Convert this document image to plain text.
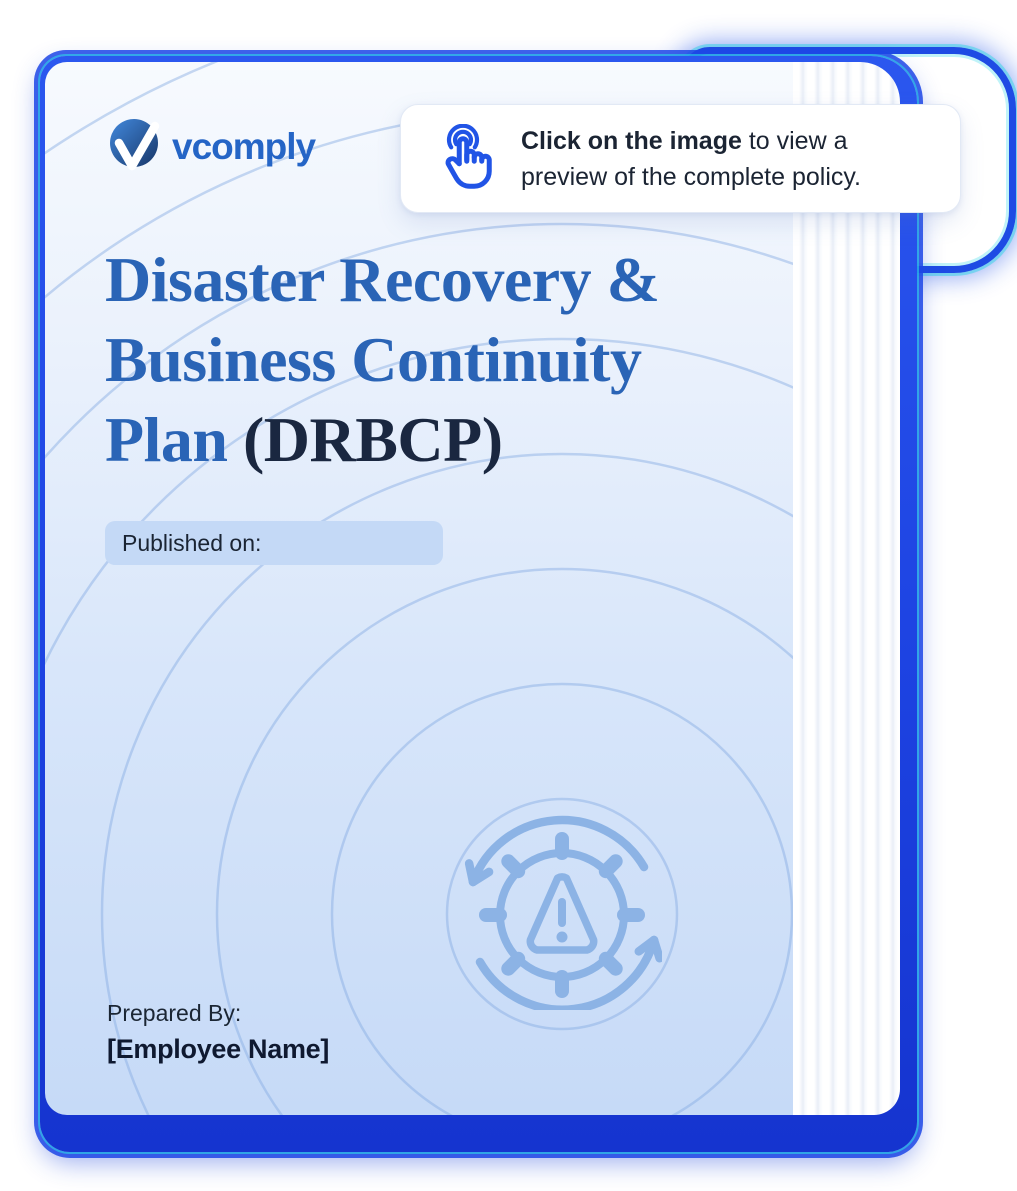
vcomply
Disaster Recovery &
Business Continuity
Plan (DRBCP)
Published on:
Prepared By:
[Employee Name]
Click on the image to view a
preview of the complete policy.
